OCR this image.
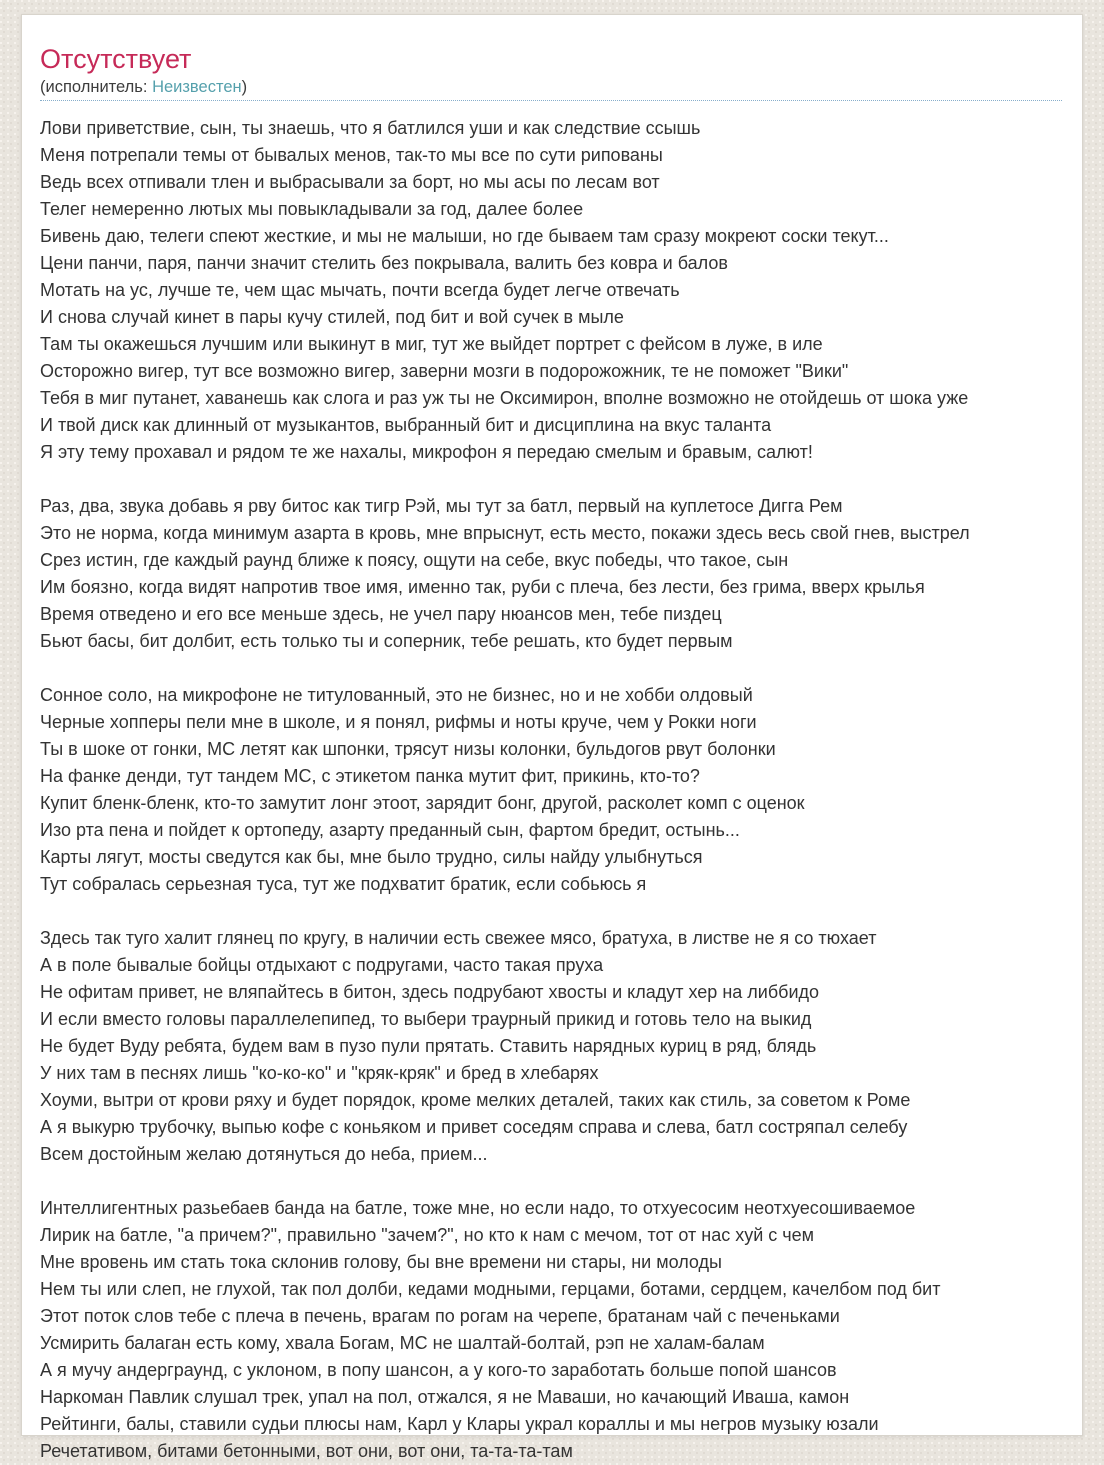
Отсутствует
(исполнитель: Неизвестен)
Лови приветствие, сын, ты знаешь, что я батлился уши и как следствие ссышь
Меня потрепали темы от бывалых менов, так-то мы все по сути рипованы
Ведь всех отпивали тлен и выбрасывали за борт, но мы асы по лесам вот
Телег немеренно лютых мы повыкладывали за год, далее более
Бивень даю, телеги спеют жесткие, и мы не малыши, но где бываем там сразу мокреют соски текут...
Цени панчи, паря, панчи значит стелить без покрывала, валить без ковра и балов
Мотать на ус, лучше те, чем щас мычать, почти всегда будет легче отвечать
И снова случай кинет в пары кучу стилей, под бит и вой сучек в мыле
Там ты окажешься лучшим или выкинут в миг, тут же выйдет портрет с фейсом в луже, в иле
Осторожно вигер, тут все возможно вигер, заверни мозги в подорожожник, те не поможет "Вики"
Тебя в миг путанет, хаванешь как слога и раз уж ты не Оксимирон, вполне возможно не отойдешь от шока уже
И твой диск как длинный от музыкантов, выбранный бит и дисциплина на вкус таланта
Я эту тему прохавал и рядом те же нахалы, микрофон я передаю смелым и бравым, салют!
Раз, два, звука добавь я рву битос как тигр Рэй, мы тут за батл, первый на куплетосе Дигга Рем
Это не норма, когда минимум азарта в кровь, мне впрыснут, есть место, покажи здесь весь свой гнев, выстрел
Срез истин, где каждый раунд ближе к поясу, ощути на себе, вкус победы, что такое, сын
Им боязно, когда видят напротив твое имя, именно так, руби с плеча, без лести, без грима, вверх крылья
Время отведено и его все меньше здесь, не учел пару нюансов мен, тебе пиздец
Бьют басы, бит долбит, есть только ты и соперник, тебе решать, кто будет первым
Сонное соло, на микрофоне не титулованный, это не бизнес, но и не хобби олдовый
Черные хопперы пели мне в школе, и я понял, рифмы и ноты круче, чем у Рокки ноги
Ты в шоке от гонки, МС летят как шпонки, трясут низы колонки, бульдогов рвут болонки
На фанке денди, тут тандем МС, с этикетом панка мутит фит, прикинь, кто-то?
Купит бленк-бленк, кто-то замутит лонг этоот, зарядит бонг, другой, расколет комп с оценок
Изо рта пена и пойдет к ортопеду, азарту преданный сын, фартом бредит, остынь...
Карты лягут, мосты сведутся как бы, мне было трудно, силы найду улыбнуться
Тут собралась серьезная туса, тут же подхватит братик, если собьюсь я
Здесь так туго халит глянец по кругу, в наличии есть свежее мясо, братуха, в листве не я со тюхает
А в поле бывалые бойцы отдыхают с подругами, часто такая пруха
Не офитам привет, не вляпайтесь в битон, здесь подрубают хвосты и кладут хер на либбидо
И если вместо головы параллелепипед, то выбери траурный прикид и готовь тело на выкид
Не будет Вуду ребята, будем вам в пузо пули прятать. Ставить нарядных куриц в ряд, блядь
У них там в песнях лишь "ко-ко-ко" и "кряк-кряк" и бред в хлебарях
Хоуми, вытри от крови ряху и будет порядок, кроме мелких деталей, таких как стиль, за советом к Роме
А я выкурю трубочку, выпью кофе с коньяком и привет соседям справа и слева, батл состряпал селебу
Всем достойным желаю дотянуться до неба, прием...
Интеллигентных разьебаев банда на батле, тоже мне, но если надо, то отхуесосим неотхуесошиваемое
Лирик на батле, "а причем?", правильно "зачем?", но кто к нам с мечом, тот от нас хуй с чем
Мне вровень им стать тока склонив голову, бы вне времени ни стары, ни молоды
Нем ты или слеп, не глухой, так пол долби, кедами модными, герцами, ботами, сердцем, качелбом под бит
Этот поток слов тебе с плеча в печень, врагам по рогам на черепе, братанам чай с печеньками
Усмирить балаган есть кому, хвала Богам, МС не шалтай-болтай, рэп не халам-балам
А я мучу андерграунд, с уклоном, в попу шансон, а у кого-то заработать больше попой шансов
Наркоман Павлик слушал трек, упал на пол, отжался, я не Маваши, но качающий Иваша, камон
Рейтинги, балы, ставили судьи плюсы нам, Карл у Клары украл кораллы и мы негров музыку юзали
Речетативом, битами бетонными, вот они, вот они, та-та-та-там
